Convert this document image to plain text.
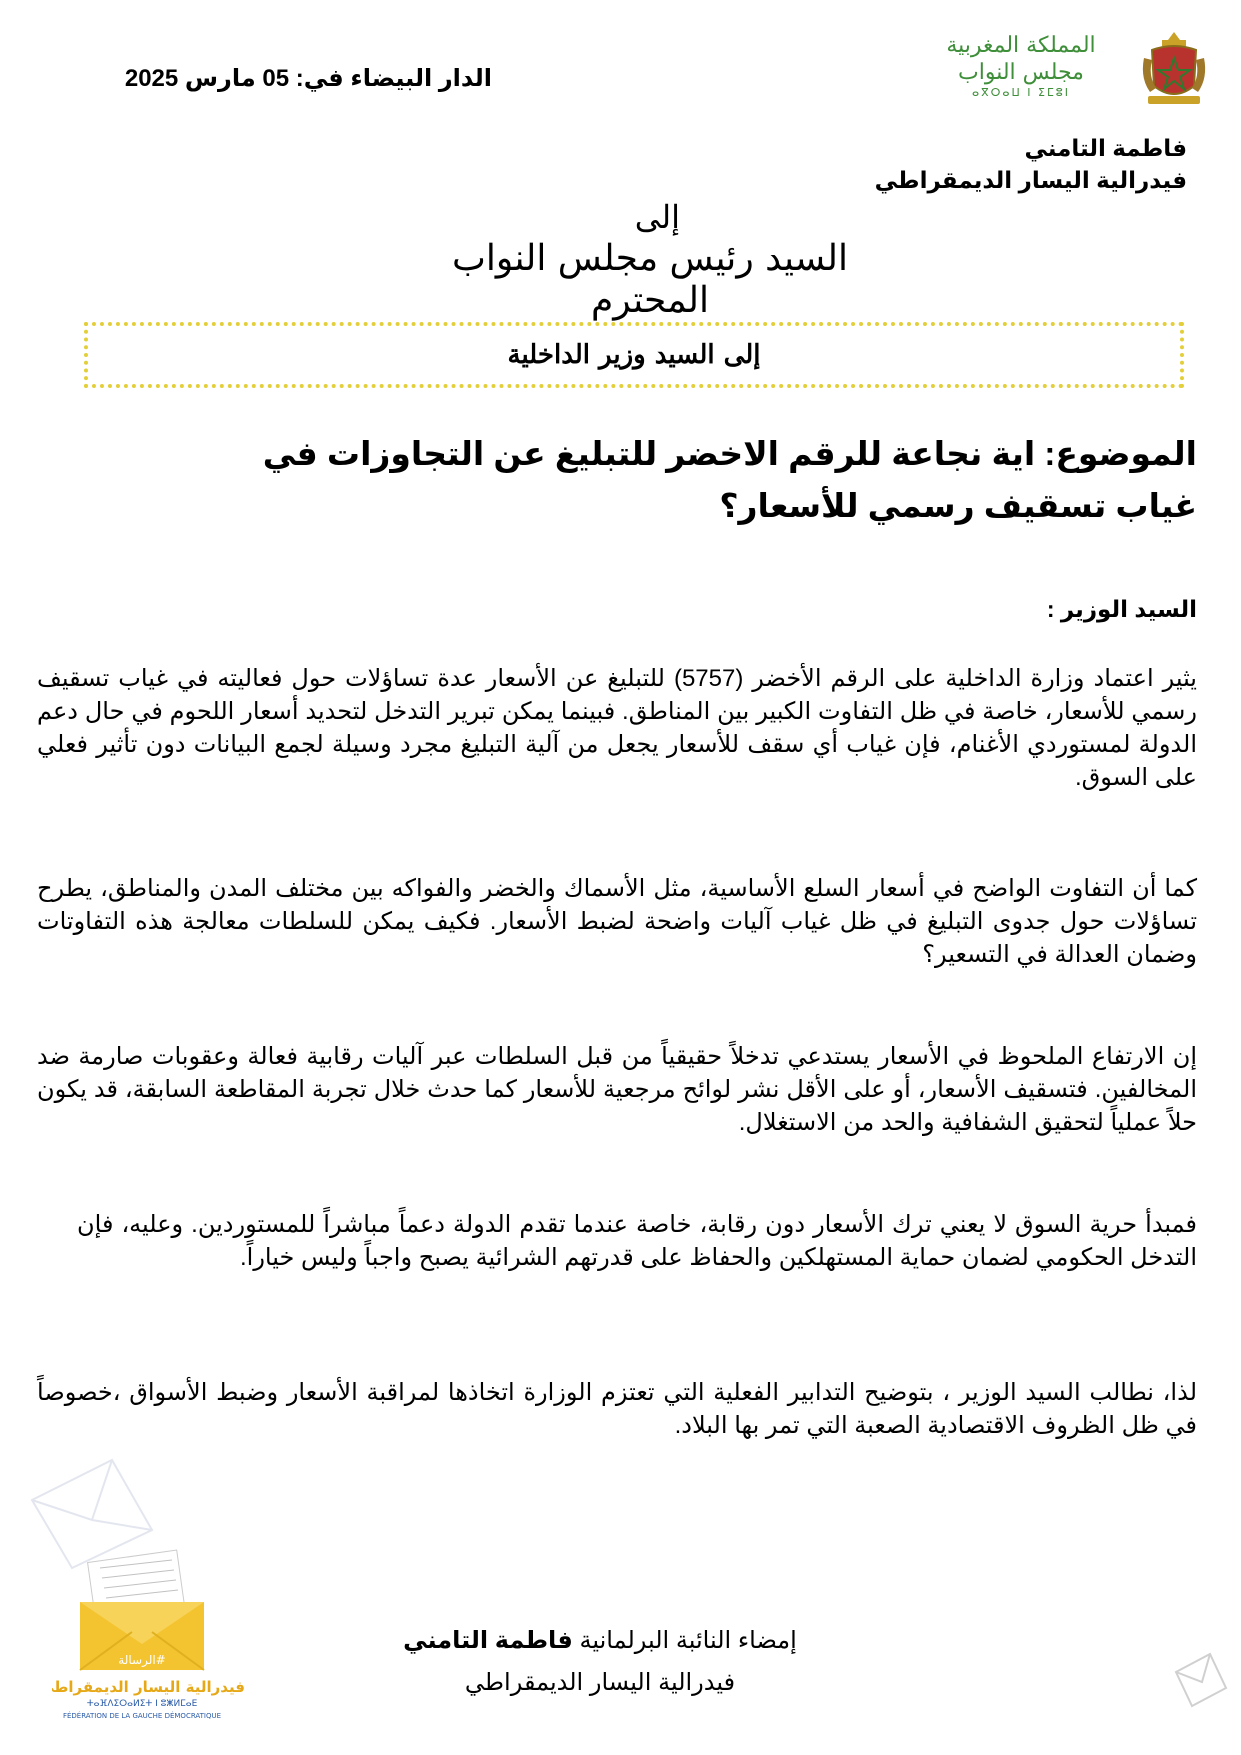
المملكة المغربية
مجلس النواب
ⴰⴳⵔⴰⵡ ⵏ ⵉⵎⵓⵏ
الدار البيضاء في: 05 مارس 2025
فاطمة التامني
فيدرالية اليسار الديمقراطي
إلى
السيد رئيس مجلس النواب المحترم
إلى السيد وزير الداخلية
الموضوع: اية نجاعة للرقم الاخضر للتبليغ عن التجاوزات في غياب تسقيف رسمي للأسعار؟
السيد الوزير :
يثير اعتماد وزارة الداخلية على الرقم الأخضر (5757) للتبليغ عن الأسعار عدة تساؤلات حول فعاليته في غياب تسقيف رسمي للأسعار، خاصة في ظل التفاوت الكبير بين المناطق. فبينما يمكن تبرير التدخل لتحديد أسعار اللحوم في حال دعم الدولة لمستوردي الأغنام، فإن غياب أي سقف للأسعار يجعل من آلية التبليغ مجرد وسيلة لجمع البيانات دون تأثير فعلي على السوق.
كما أن التفاوت الواضح في أسعار السلع الأساسية، مثل الأسماك والخضر والفواكه بين مختلف المدن والمناطق، يطرح تساؤلات حول جدوى التبليغ في ظل غياب آليات واضحة لضبط الأسعار. فكيف يمكن للسلطات معالجة هذه التفاوتات وضمان العدالة في التسعير؟
إن الارتفاع الملحوظ في الأسعار يستدعي تدخلاً حقيقياً من قبل السلطات عبر آليات رقابية فعالة وعقوبات صارمة ضد المخالفين. فتسقيف الأسعار، أو على الأقل نشر لوائح مرجعية للأسعار كما حدث خلال تجربة المقاطعة السابقة، قد يكون حلاً عملياً لتحقيق الشفافية والحد من الاستغلال.
فمبدأ حرية السوق لا يعني ترك الأسعار دون رقابة، خاصة عندما تقدم الدولة دعماً مباشراً للمستوردين. وعليه، فإن التدخل الحكومي لضمان حماية المستهلكين والحفاظ على قدرتهم الشرائية يصبح واجباً وليس خياراً.
لذا، نطالب السيد الوزير ، بتوضيح التدابير الفعلية التي تعتزم الوزارة اتخاذها لمراقبة الأسعار وضبط الأسواق ،خصوصاً في ظل الظروف الاقتصادية الصعبة التي تمر بها البلاد.
إمضاء النائبة البرلمانية فاطمة التامني
فيدرالية اليسار الديمقراطي
#الرسالة
فيدرالية اليسار الديمقراطي
ⵜⴰⴼⴷⵉⵔⴰⵍⵉⵜ ⵏ ⵓⵥⵍⵎⴰⴹ
FÉDÉRATION DE LA GAUCHE DÉMOCRATIQUE
